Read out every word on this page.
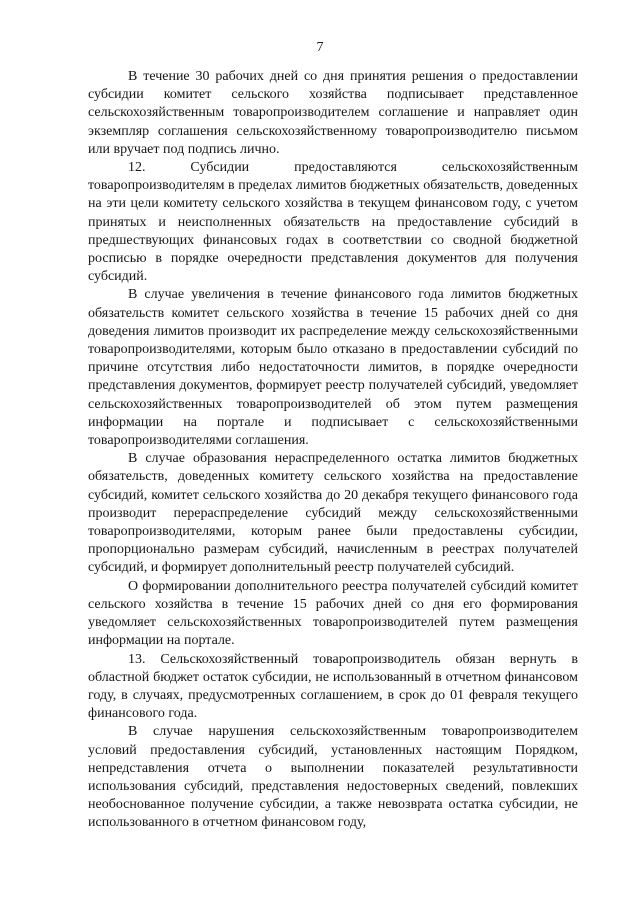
7

В течение 30 рабочих дней со дня принятия решения о предоставлении субсидии комитет сельского хозяйства подписывает представленное сельскохозяйственным товаропроизводителем соглашение и направляет один экземпляр соглашения сельскохозяйственному товаропроизводителю письмом или вручает под подпись лично.

12. Субсидии предоставляются сельскохозяйственным товаропроизводителям в пределах лимитов бюджетных обязательств, доведенных на эти цели комитету сельского хозяйства в текущем финансовом году, с учетом принятых и неисполненных обязательств на предоставление субсидий в предшествующих финансовых годах в соответствии со сводной бюджетной росписью в порядке очередности представления документов для получения субсидий.

В случае увеличения в течение финансового года лимитов бюджетных обязательств комитет сельского хозяйства в течение 15 рабочих дней со дня доведения лимитов производит их распределение между сельскохозяйственными товаропроизводителями, которым было отказано в предоставлении субсидий по причине отсутствия либо недостаточности лимитов, в порядке очередности представления документов, формирует реестр получателей субсидий, уведомляет сельскохозяйственных товаропроизводителей об этом путем размещения информации на портале и подписывает с сельскохозяйственными товаропроизводителями соглашения.

В случае образования нераспределенного остатка лимитов бюджетных обязательств, доведенных комитету сельского хозяйства на предоставление субсидий, комитет сельского хозяйства до 20 декабря текущего финансового года производит перераспределение субсидий между сельскохозяйственными товаропроизводителями, которым ранее были предоставлены субсидии, пропорционально размерам субсидий, начисленным в реестрах получателей субсидий, и формирует дополнительный реестр получателей субсидий.

О формировании дополнительного реестра получателей субсидий комитет сельского хозяйства в течение 15 рабочих дней со дня его формирования уведомляет сельскохозяйственных товаропроизводителей путем размещения информации на портале.

13. Сельскохозяйственный товаропроизводитель обязан вернуть в областной бюджет остаток субсидии, не использованный в отчетном финансовом году, в случаях, предусмотренных соглашением, в срок до 01 февраля текущего финансового года.

В случае нарушения сельскохозяйственным товаропроизводителем условий предоставления субсидий, установленных настоящим Порядком, непредставления отчета о выполнении показателей результативности использования субсидий, представления недостоверных сведений, повлекших необоснованное получение субсидии, а также невозврата остатка субсидии, не использованного в отчетном финансовом году,
